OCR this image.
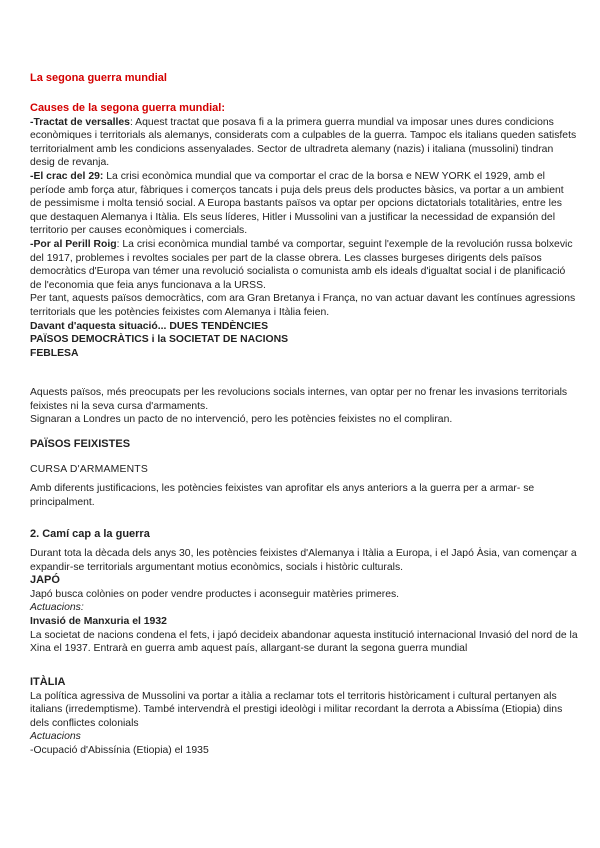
La segona guerra mundial

Causes de la segona guerra mundial:

-Tractat de versalles: Aquest tractat que posava fi a la primera guerra mundial va imposar unes dures condicions econòmiques i territorials als alemanys, considerats com a culpables de la guerra. Tampoc els italians queden satisfets territorialment amb les condicions assenyalades. Sector de ultradreta alemany (nazis) i italiana (mussolini) tindran desig de revanja.

-El crac del 29: La crisi econòmica mundial que va comportar el crac de la borsa e NEW YORK el 1929, amb el període amb força atur, fàbriques i comerços tancats i puja dels preus dels productes bàsics, va portar a un ambient de pessimisme i molta tensió social. A Europa bastants països va optar per opcions dictatorials totalitàries, entre les que destaquen Alemanya i Itàlia. Els seus líderes, Hitler i Mussolini van a justificar la necessidad de expansión del territorio per causes econòmiques i comercials.

-Por al Perill Roig: La crisi econòmica mundial també va comportar, seguint l'exemple de la revolución russa bolxevic del 1917, problemes i revoltes sociales per part de la classe obrera. Les classes burgeses dirigents dels països democràtics d'Europa van témer una revolució socialista o comunista amb els ideals d'igualtat social i de planificació de l'economia que feia anys funcionava a la URSS.

Per tant, aquests països democràtics, com ara Gran Bretanya i França, no van actuar davant les contínues agressions territorials que les potències feixistes com Alemanya i Itàlia feien.

Davant d'aquesta situació... DUES TENDÈNCIES

PAÏSOS DEMOCRÀTICS i la SOCIETAT DE NACIONS

FEBLESA

Aquests països, més preocupats per les revolucions socials internes, van optar per no frenar les invasions territorials feixistes ni la seva cursa d'armaments.

Signaran a Londres un pacto de no intervenció, pero les potències feixistes no el compliran.

PAÏSOS FEIXISTES

CURSA D'ARMAMENTS

Amb diferents justificacions, les potències feixistes van aprofitar els anys anteriors a la guerra per a armar- se principalment.

2. Camí cap a la guerra

Durant tota la dècada dels anys 30, les potències feixistes d'Alemanya i Itàlia a Europa, i el Japó Àsia, van començar a expandir-se territorials argumentant motius econòmics, socials i històric culturals.

JAPÓ

Japó busca colònies on poder vendre productes i aconseguir matèries primeres.

Actuacions:

Invasió de Manxuria el 1932

La societat de nacions condena el fets, i japó decideix abandonar aquesta institució internacional Invasió del nord de la Xina el 1937. Entrarà en guerra amb aquest país, allargant-se durant la segona guerra mundial

ITÀLIA

La política agressiva de Mussolini va portar a itàlia a reclamar tots el territoris històricament i cultural pertanyen als italians (irredemptisme). També intervendrà el prestigi ideològi i militar recordant la derrota a Abissíma (Etiopia) dins dels conflictes colonials

Actuacions

-Ocupació d'Abissínia (Etiopia) el 1935
